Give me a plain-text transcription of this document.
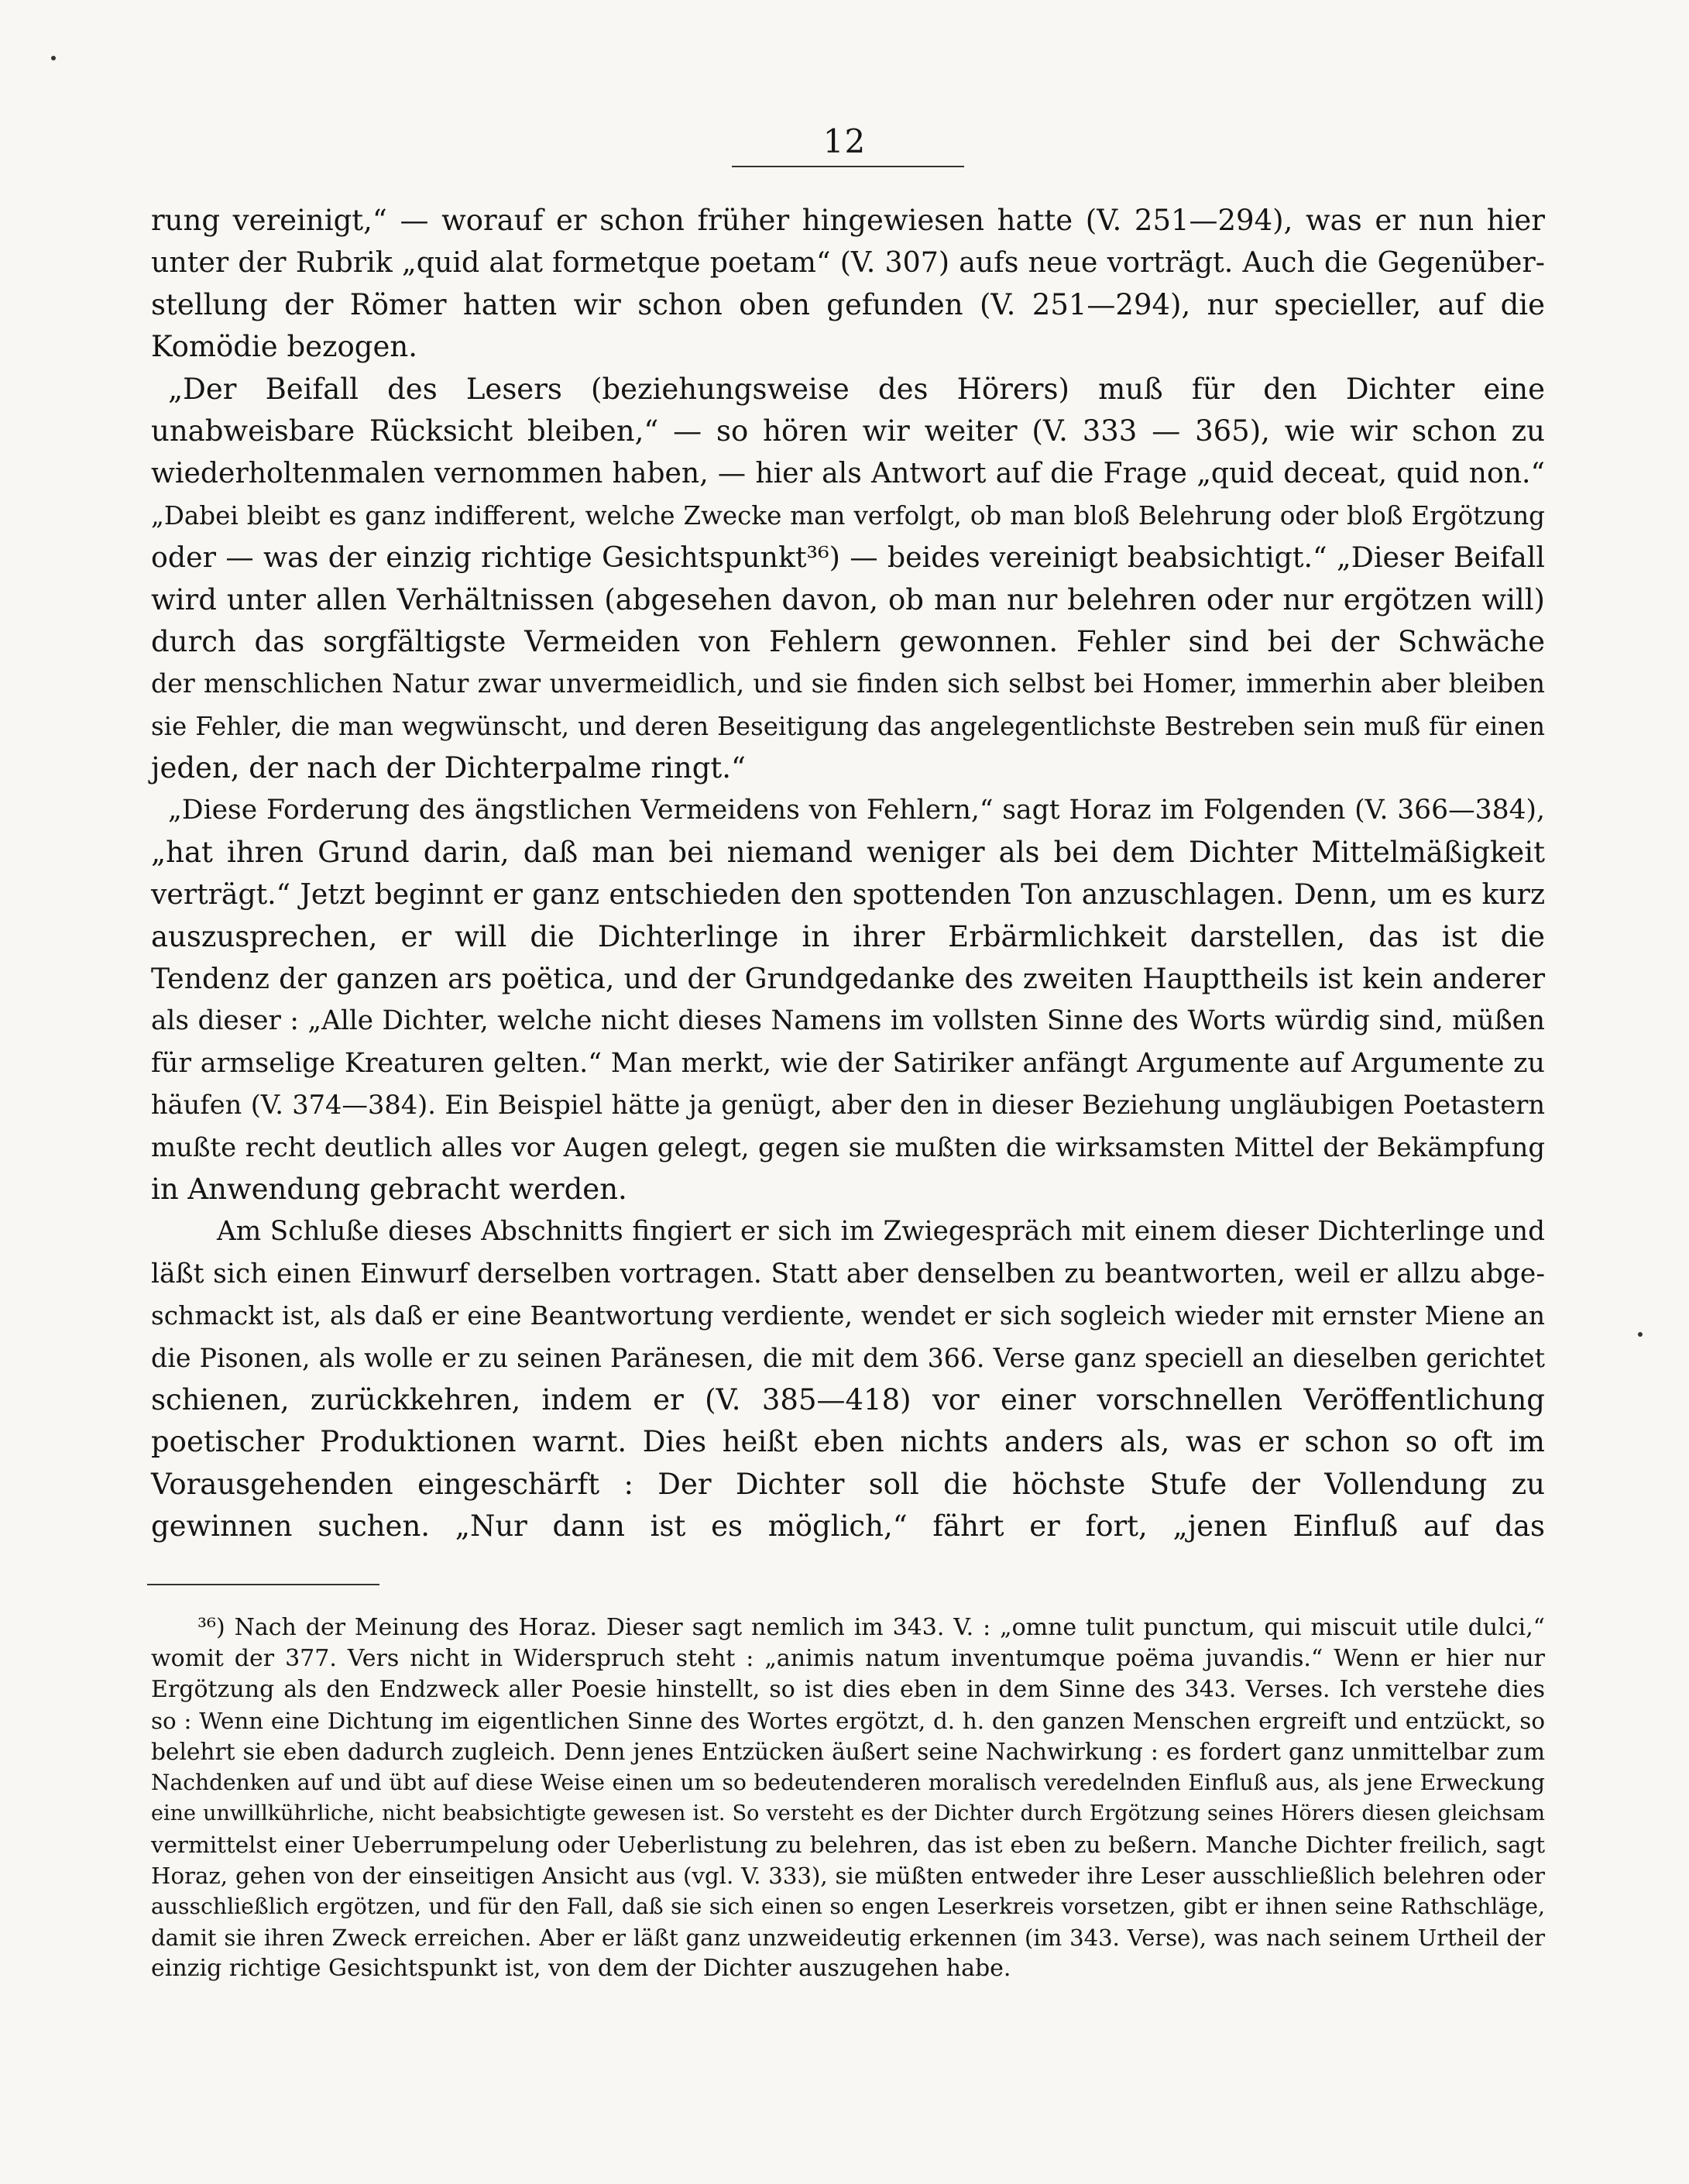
12
rung vereinigt,“ — worauf er schon früher hingewiesen hatte (V. 251—294), was er nun hier
unter der Rubrik „quid alat formetque poetam“ (V. 307) aufs neue vorträgt. Auch die Gegenüber-
stellung der Römer hatten wir schon oben gefunden (V. 251—294), nur specieller, auf die
Komödie bezogen.
„Der Beifall des Lesers (beziehungsweise des Hörers) muß für den Dichter eine
unabweisbare Rücksicht bleiben,“ — so hören wir weiter (V. 333 — 365), wie wir schon zu
wiederholtenmalen vernommen haben, — hier als Antwort auf die Frage „quid deceat, quid non.“
„Dabei bleibt es ganz indifferent, welche Zwecke man verfolgt, ob man bloß Belehrung oder bloß Ergötzung
oder — was der einzig richtige Gesichtspunkt³⁶) — beides vereinigt beabsichtigt.“ „Dieser Beifall
wird unter allen Verhältnissen (abgesehen davon, ob man nur belehren oder nur ergötzen will)
durch das sorgfältigste Vermeiden von Fehlern gewonnen. Fehler sind bei der Schwäche
der menschlichen Natur zwar unvermeidlich, und sie finden sich selbst bei Homer, immerhin aber bleiben
sie Fehler, die man wegwünscht, und deren Beseitigung das angelegentlichste Bestreben sein muß für einen
jeden, der nach der Dichterpalme ringt.“
„Diese Forderung des ängstlichen Vermeidens von Fehlern,“ sagt Horaz im Folgenden (V. 366—384),
„hat ihren Grund darin, daß man bei niemand weniger als bei dem Dichter Mittelmäßigkeit
verträgt.“ Jetzt beginnt er ganz entschieden den spottenden Ton anzuschlagen. Denn, um es kurz
auszusprechen, er will die Dichterlinge in ihrer Erbärmlichkeit darstellen, das ist die
Tendenz der ganzen ars poëtica, und der Grundgedanke des zweiten Haupttheils ist kein anderer
als dieser : „Alle Dichter, welche nicht dieses Namens im vollsten Sinne des Worts würdig sind, müßen
für armselige Kreaturen gelten.“ Man merkt, wie der Satiriker anfängt Argumente auf Argumente zu
häufen (V. 374—384). Ein Beispiel hätte ja genügt, aber den in dieser Beziehung ungläubigen Poetastern
mußte recht deutlich alles vor Augen gelegt, gegen sie mußten die wirksamsten Mittel der Bekämpfung
in Anwendung gebracht werden.
Am Schluße dieses Abschnitts fingiert er sich im Zwiegespräch mit einem dieser Dichterlinge und
läßt sich einen Einwurf derselben vortragen. Statt aber denselben zu beantworten, weil er allzu abge-
schmackt ist, als daß er eine Beantwortung verdiente, wendet er sich sogleich wieder mit ernster Miene an
die Pisonen, als wolle er zu seinen Paränesen, die mit dem 366. Verse ganz speciell an dieselben gerichtet
schienen, zurückkehren, indem er (V. 385—418) vor einer vorschnellen Veröffentlichung
poetischer Produktionen warnt. Dies heißt eben nichts anders als, was er schon so oft im
Vorausgehenden eingeschärft : Der Dichter soll die höchste Stufe der Vollendung zu
gewinnen suchen. „Nur dann ist es möglich,“ fährt er fort, „jenen Einfluß auf das
³⁶) Nach der Meinung des Horaz. Dieser sagt nemlich im 343. V. : „omne tulit punctum, qui miscuit utile dulci,“
womit der 377. Vers nicht in Widerspruch steht : „animis natum inventumque poëma juvandis.“ Wenn er hier nur
Ergötzung als den Endzweck aller Poesie hinstellt, so ist dies eben in dem Sinne des 343. Verses. Ich verstehe dies
so : Wenn eine Dichtung im eigentlichen Sinne des Wortes ergötzt, d. h. den ganzen Menschen ergreift und entzückt, so
belehrt sie eben dadurch zugleich. Denn jenes Entzücken äußert seine Nachwirkung : es fordert ganz unmittelbar zum
Nachdenken auf und übt auf diese Weise einen um so bedeutenderen moralisch veredelnden Einfluß aus, als jene Erweckung
eine unwillkührliche, nicht beabsichtigte gewesen ist. So versteht es der Dichter durch Ergötzung seines Hörers diesen gleichsam
vermittelst einer Ueberrumpelung oder Ueberlistung zu belehren, das ist eben zu beßern. Manche Dichter freilich, sagt
Horaz, gehen von der einseitigen Ansicht aus (vgl. V. 333), sie müßten entweder ihre Leser ausschließlich belehren oder
ausschließlich ergötzen, und für den Fall, daß sie sich einen so engen Leserkreis vorsetzen, gibt er ihnen seine Rathschläge,
damit sie ihren Zweck erreichen. Aber er läßt ganz unzweideutig erkennen (im 343. Verse), was nach seinem Urtheil der
einzig richtige Gesichtspunkt ist, von dem der Dichter auszugehen habe.
